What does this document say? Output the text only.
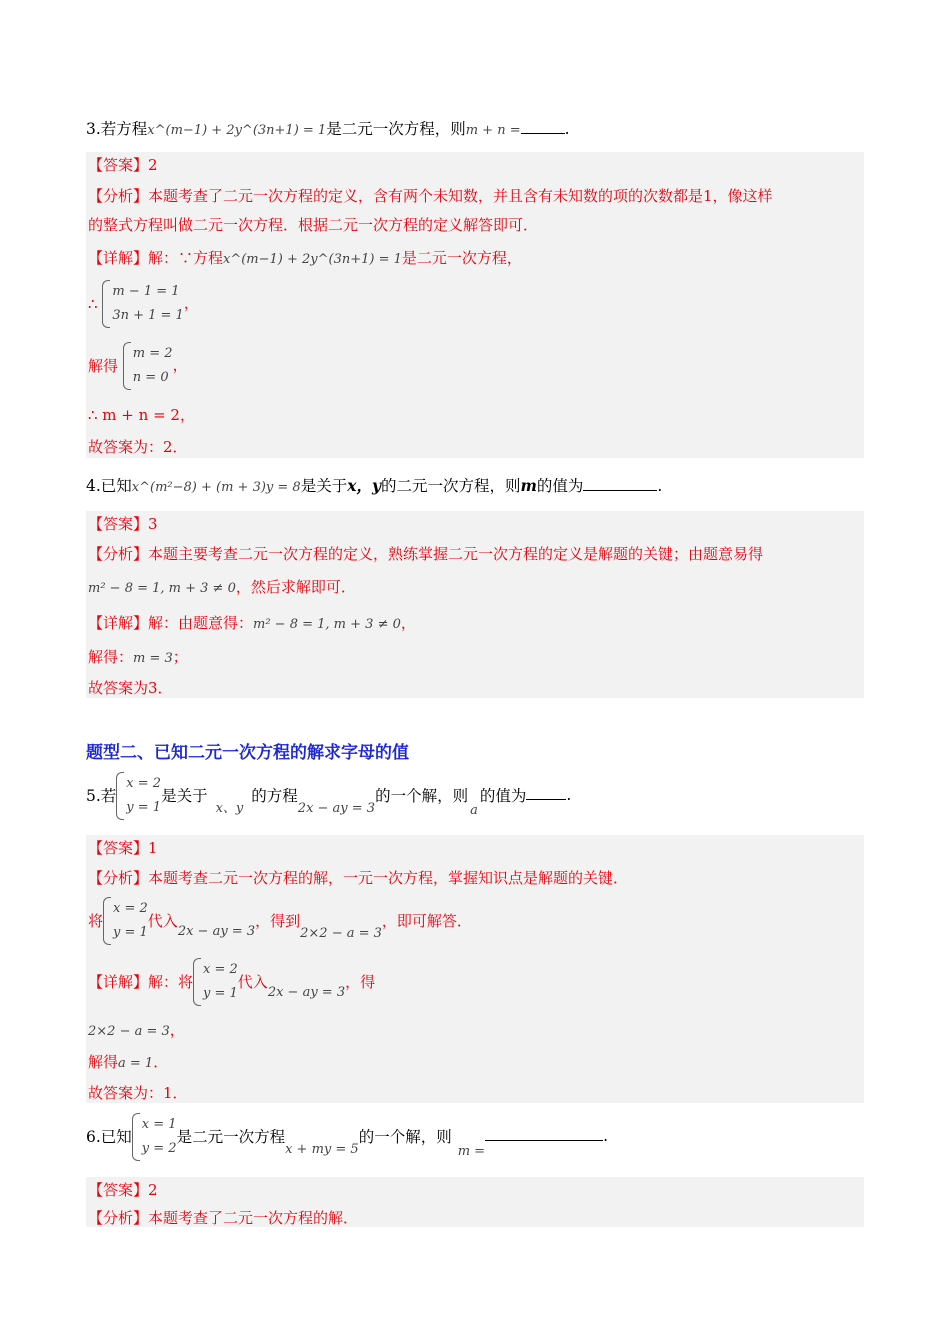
3.若方程x^(m−1) + 2y^(3n+1) = 1是二元一次方程，则m + n =	.
【答案】2
【分析】本题考查了二元一次方程的定义，含有两个未知数，并且含有未知数的项的次数都是1，像这样
的整式方程叫做二元一次方程．根据二元一次方程的定义解答即可．
【详解】解：∵方程x^(m−1) + 2y^(3n+1) = 1是二元一次方程，
∴
m − 1 = 1
3n + 1 = 1
，
解得
m = 2
n = 0
，
∴ m + n = 2，
故答案为：2．
4.已知x^(m²−8) + (m + 3)y = 8是关于x，y的二元一次方程，则m的值为	.
【答案】3
【分析】本题主要考查二元一次方程的定义，熟练掌握二元一次方程的定义是解题的关键；由题意易得
m² − 8 = 1, m + 3 ≠ 0，然后求解即可．
【详解】解：由题意得：m² − 8 = 1, m + 3 ≠ 0，
解得：m = 3；
故答案为3．
题型二、已知二元一次方程的解求字母的值
5.若
x = 2
y = 1
是关于$_{x、y}$的方程$_{2x - ay = 3}$的一个解，则$_a$的值为	.
【答案】1
【分析】本题考查二元一次方程的解，一元一次方程，掌握知识点是解题的关键．
将
x = 2
y = 1
代入2x − ay = 3，得到2×2 − a = 3，即可解答．
【详解】解：将
x = 2
y = 1
代入2x − ay = 3，得
2×2 − a = 3，
解得a = 1．
故答案为：1．
6.已知
x = 1
y = 2
是二元一次方程$_{x + my = 5}$的一个解，则$_{m =}$.
【答案】2
【分析】本题考查了二元一次方程的解．
